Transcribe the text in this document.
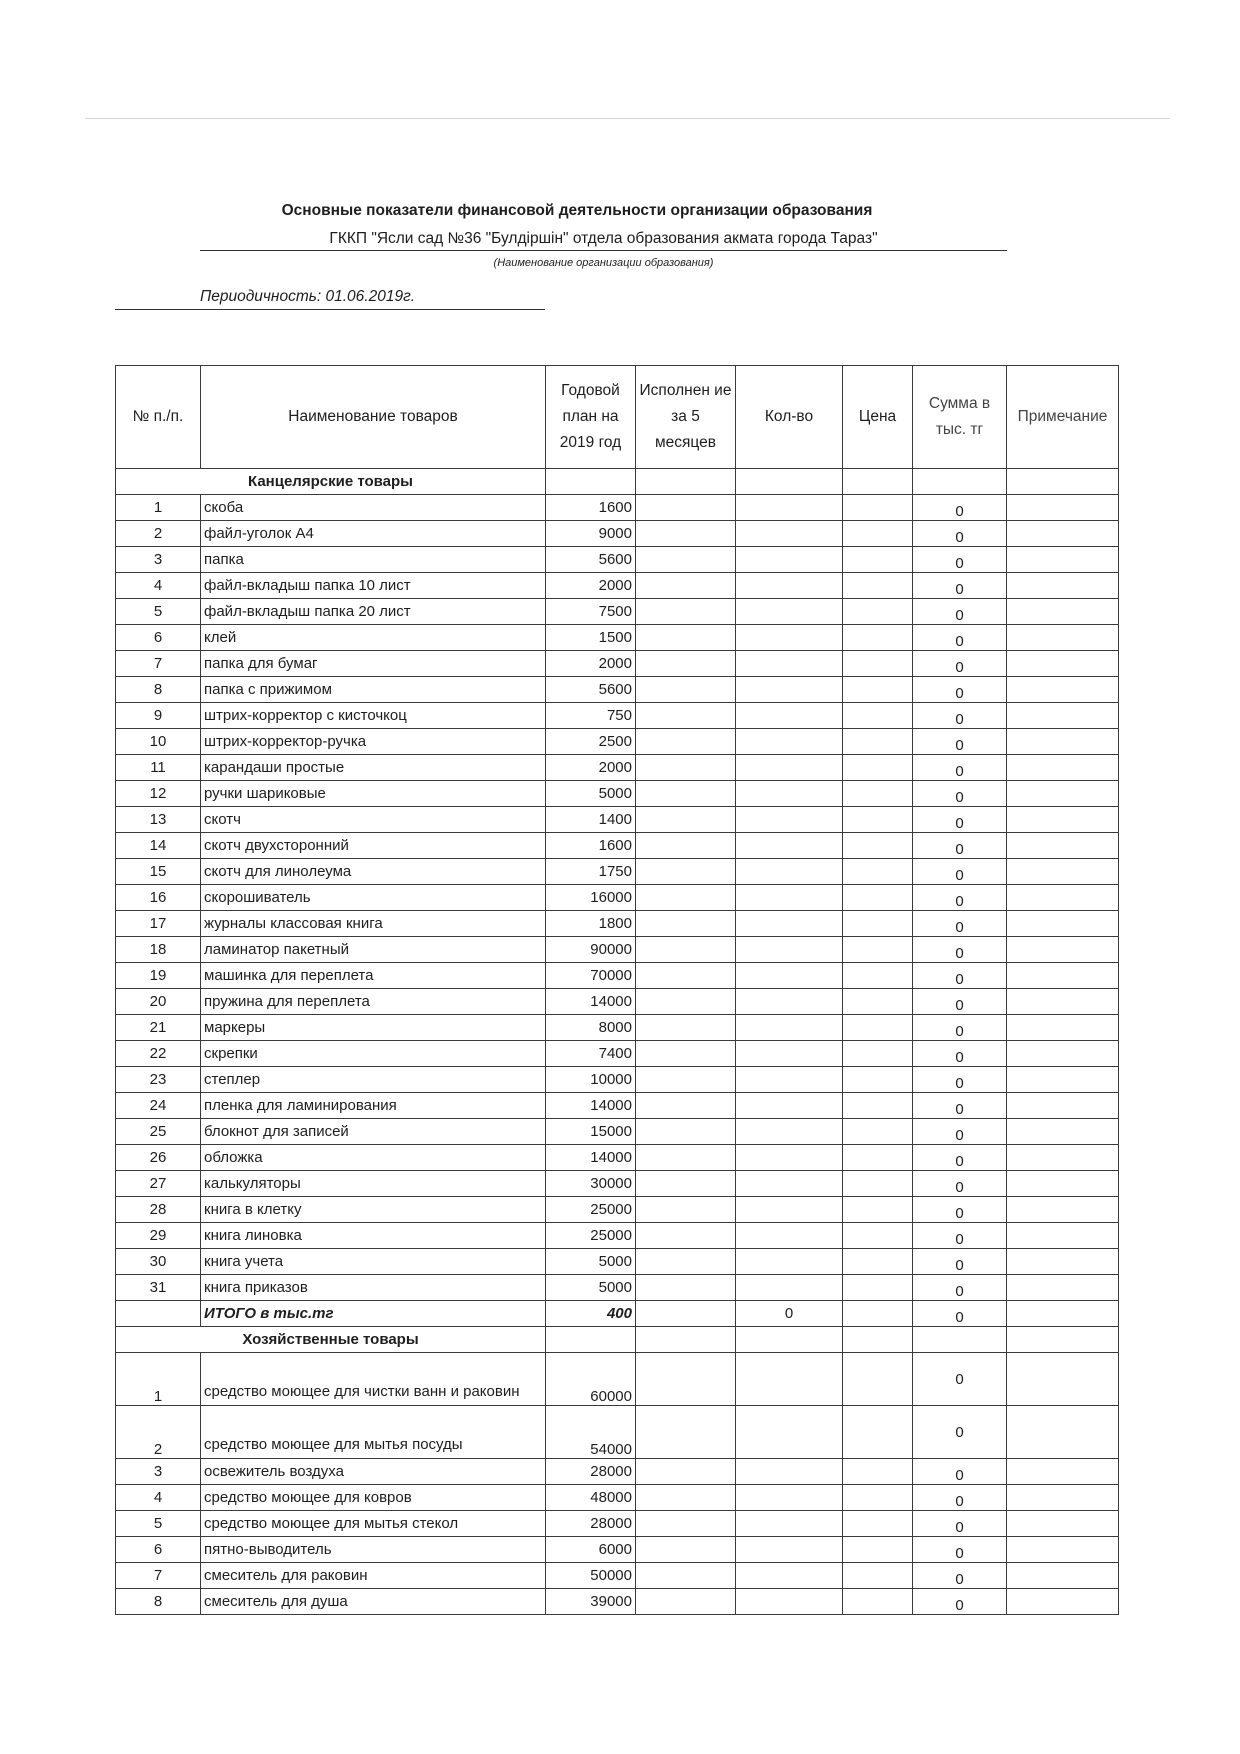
Основные показатели финансовой деятельности организации образования
ГККП "Ясли сад №36 "Булдіршін" отдела образования акмата города Тараз"
(Наименование организации образования)
Периодичность: 01.06.2019г.
№ п./п.	Наименование товаров	Годовой план на 2019 год	Исполнен ие за 5 месяцев	Кол-во	Цена	Сумма в тыс. тг	Примечание
Канцелярские товары							
1	скоба	1600				0	
2	файл-уголок А4	9000				0	
3	папка	5600				0	
4	файл-вкладыш папка 10 лист	2000				0	
5	файл-вкладыш папка 20 лист	7500				0	
6	клей	1500				0	
7	папка для бумаг	2000				0	
8	папка с прижимом	5600				0	
9	штрих-корректор с кисточкоц	750				0	
10	штрих-корректор-ручка	2500				0	
11	карандаши простые	2000				0	
12	ручки шариковые	5000				0	
13	скотч	1400				0	
14	скотч двухсторонний	1600				0	
15	скотч для линолеума	1750				0	
16	скорошиватель	16000				0	
17	журналы классовая книга	1800				0	
18	ламинатор пакетный	90000				0	
19	машинка для переплета	70000				0	
20	пружина для переплета	14000				0	
21	маркеры	8000				0	
22	скрепки	7400				0	
23	степлер	10000				0	
24	пленка для ламинирования	14000				0	
25	блокнот для записей	15000				0	
26	обложка	14000				0	
27	калькуляторы	30000				0	
28	книга в клетку	25000				0	
29	книга линовка	25000				0	
30	книга учета	5000				0	
31	книга приказов	5000				0	
	ИТОГО в тыс.тг	400		0		0	
Хозяйственные товары							
1	средство моющее для чистки ванн и раковин	60000				0	
2	средство моющее для мытья посуды	54000				0	
3	освежитель воздуха	28000				0	
4	средство моющее для ковров	48000				0	
5	средство моющее для мытья стекол	28000				0	
6	пятно-выводитель	6000				0	
7	смеситель для раковин	50000				0	
8	смеситель для душа	39000				0	
